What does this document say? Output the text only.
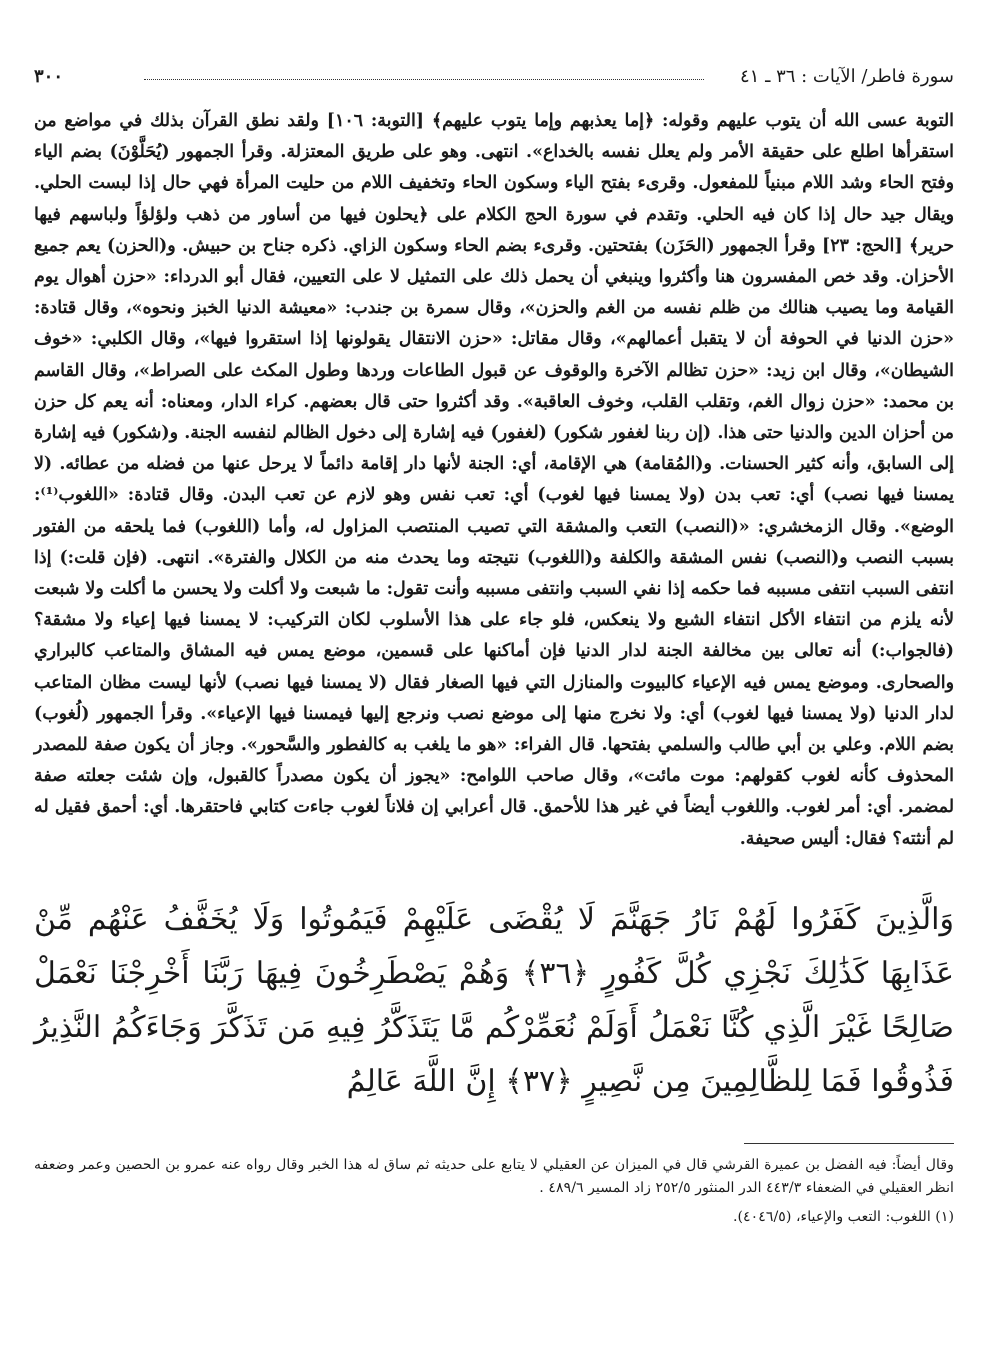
سورة فاطر/ الآيات : ٣٦ ـ ٤١
٣٠٠

التوبة عسى الله أن يتوب عليهم وقوله: ﴿إما يعذبهم وإما يتوب عليهم﴾ [التوبة: ١٠٦] ولقد نطق القرآن بذلك في مواضع من استقرأها اطلع على حقيقة الأمر ولم يعلل نفسه بالخداع». انتهى. وهو على طريق المعتزلة. وقرأ الجمهور (يُحَلَّوْنَ) بضم الياء وفتح الحاء وشد اللام مبنياً للمفعول. وقرىء بفتح الياء وسكون الحاء وتخفيف اللام من حليت المرأة فهي حال إذا لبست الحلي. ويقال جيد حال إذا كان فيه الحلي. وتقدم في سورة الحج الكلام على ﴿يحلون فيها من أساور من ذهب ولؤلؤاً ولباسهم فيها حرير﴾ [الحج: ٢٣] وقرأ الجمهور (الحَزَن) بفتحتين. وقرىء بضم الحاء وسكون الزاي. ذكره جناح بن حبيش. و(الحزن) يعم جميع الأحزان. وقد خص المفسرون هنا وأكثروا وينبغي أن يحمل ذلك على التمثيل لا على التعيين، فقال أبو الدرداء: «حزن أهوال يوم القيامة وما يصيب هنالك من ظلم نفسه من الغم والحزن»، وقال سمرة بن جندب: «معيشة الدنيا الخبز ونحوه»، وقال قتادة: «حزن الدنيا في الحوفة أن لا يتقبل أعمالهم»، وقال مقاتل: «حزن الانتقال يقولونها إذا استقروا فيها»، وقال الكلبي: «خوف الشيطان»، وقال ابن زيد: «حزن تظالم الآخرة والوقوف عن قبول الطاعات وردها وطول المكث على الصراط»، وقال القاسم بن محمد: «حزن زوال الغم، وتقلب القلب، وخوف العاقبة». وقد أكثروا حتى قال بعضهم. كراء الدار، ومعناه: أنه يعم كل حزن من أحزان الدين والدنيا حتى هذا. (إن ربنا لغفور شكور) (لغفور) فيه إشارة إلى دخول الظالم لنفسه الجنة. و(شكور) فيه إشارة إلى السابق، وأنه كثير الحسنات. و(المُقامة) هي الإقامة، أي: الجنة لأنها دار إقامة دائماً لا يرحل عنها من فضله من عطائه. (لا يمسنا فيها نصب) أي: تعب بدن (ولا يمسنا فيها لغوب) أي: تعب نفس وهو لازم عن تعب البدن. وقال قتادة: «اللغوب⁽¹⁾: الوضع». وقال الزمخشري: «(النصب) التعب والمشقة التي تصيب المنتصب المزاول له، وأما (اللغوب) فما يلحقه من الفتور بسبب النصب و(النصب) نفس المشقة والكلفة و(اللغوب) نتيجته وما يحدث منه من الكلال والفترة». انتهى. (فإن قلت:) إذا انتفى السبب انتفى مسببه فما حكمه إذا نفي السبب وانتفى مسببه وأنت تقول: ما شبعت ولا أكلت ولا يحسن ما أكلت ولا شبعت لأنه يلزم من انتفاء الأكل انتفاء الشبع ولا ينعكس، فلو جاء على هذا الأسلوب لكان التركيب: لا يمسنا فيها إعياء ولا مشقة؟ (فالجواب:) أنه تعالى بين مخالفة الجنة لدار الدنيا فإن أماكنها على قسمين، موضع يمس فيه المشاق والمتاعب كالبراري والصحارى. وموضع يمس فيه الإعياء كالبيوت والمنازل التي فيها الصغار فقال (لا يمسنا فيها نصب) لأنها ليست مظان المتاعب لدار الدنيا (ولا يمسنا فيها لغوب) أي: ولا نخرج منها إلى موضع نصب ونرجع إليها فيمسنا فيها الإعياء». وقرأ الجمهور (لُغوب) بضم اللام. وعلي بن أبي طالب والسلمي بفتحها. قال الفراء: «هو ما يلغب به كالفطور والسَّحور». وجاز أن يكون صفة للمصدر المحذوف كأنه لغوب كقولهم: موت مائت»، وقال صاحب اللوامح: «يجوز أن يكون مصدراً كالقبول، وإن شئت جعلته صفة لمضمر. أي: أمر لغوب. واللغوب أيضاً في غير هذا للأحمق. قال أعرابي إن فلاناً لغوب جاءت كتابي فاحتقرها. أي: أحمق فقيل له لم أنثته؟ فقال: أليس صحيفة.

وَالَّذِينَ كَفَرُوا لَهُمْ نَارُ جَهَنَّمَ لَا يُقْضَى عَلَيْهِمْ فَيَمُوتُوا وَلَا يُخَفَّفُ عَنْهُم مِّنْ عَذَابِهَا كَذَٰلِكَ نَجْزِي كُلَّ كَفُورٍ ﴿٣٦﴾ وَهُمْ يَصْطَرِخُونَ فِيهَا رَبَّنَا أَخْرِجْنَا نَعْمَلْ صَالِحًا غَيْرَ الَّذِي كُنَّا نَعْمَلُ أَوَلَمْ نُعَمِّرْكُم مَّا يَتَذَكَّرُ فِيهِ مَن تَذَكَّرَ وَجَاءَكُمُ النَّذِيرُ فَذُوقُوا فَمَا لِلظَّالِمِينَ مِن نَّصِيرٍ ﴿٣٧﴾ إِنَّ اللَّهَ عَالِمُ

وقال أيضاً: فيه الفضل بن عميرة القرشي قال في الميزان عن العقيلي لا يتابع على حديثه ثم ساق له هذا الخبر وقال رواه عنه عمرو بن الحصين وعمر وضعفه انظر العقيلي في الضعفاء ٤٤٣/٣ الدر المنثور ٢٥٢/٥ زاد المسير ٤٨٩/٦ .

(١) اللغوب: التعب والإعياء، (٤٠٤٦/٥).
